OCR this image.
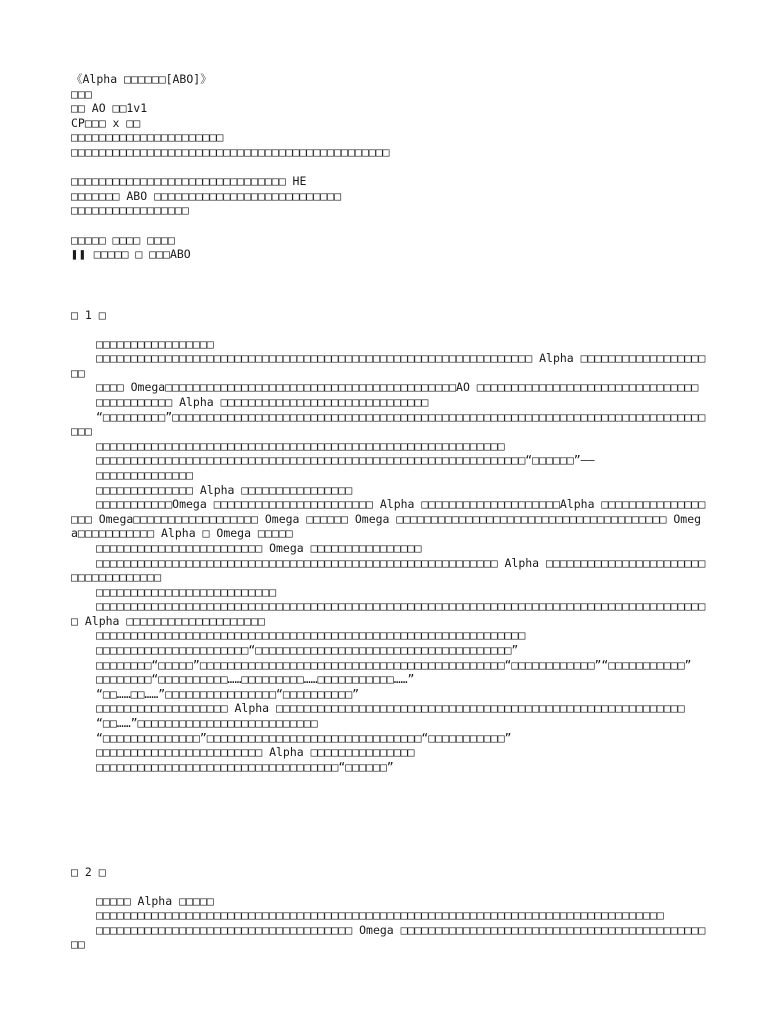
《Alpha □□□□□□[ABO]》
□□□
□□ AO □□1v1
CP□□□ x □□
□□□□□□□□□□□□□□□□□□□□□□
□□□□□□□□□□□□□□□□□□□□□□□□□□□□□□□□□□□□□□□□□□□□□□
□□□□□□□□□□□□□□□□□□□□□□□□□□□□□□□ HE
□□□□□□□ ABO □□□□□□□□□□□□□□□□□□□□□□□□□□□
□□□□□□□□□□□□□□□□□
□□□□□ □□□□ □□□□
❚❚ □□□□□ □ □□□ABO
□ 1 □
□□□□□□□□□□□□□□□□□
□□□□□□□□□□□□□□□□□□□□□□□□□□□□□□□□□□□□□□□□□□□□□□□□□□□□□□□□□□□□□□□ Alpha □□□□□□□□□□□□□□□□□□□□
□□□□ Omega□□□□□□□□□□□□□□□□□□□□□□□□□□□□□□□□□□□□□□□□□□AO □□□□□□□□□□□□□□□□□□□□□□□□□□□□□□□□
□□□□□□□□□□□ Alpha □□□□□□□□□□□□□□□□□□□□□□□□□□□□□□
“□□□□□□□□□”□□□□□□□□□□□□□□□□□□□□□□□□□□□□□□□□□□□□□□□□□□□□□□□□□□□□□□□□□□□□□□□□□□□□□□□□□□□□□□□□
□□□□□□□□□□□□□□□□□□□□□□□□□□□□□□□□□□□□□□□□□□□□□□□□□□□□□□□□□□□
□□□□□□□□□□□□□□□□□□□□□□□□□□□□□□□□□□□□□□□□□□□□□□□□□□□□□□□□□□□□□□“□□□□□□”——
□□□□□□□□□□□□□□
□□□□□□□□□□□□□□ Alpha □□□□□□□□□□□□□□□□
□□□□□□□□□□□Omega □□□□□□□□□□□□□□□□□□□□□□□ Alpha □□□□□□□□□□□□□□□□□□□□Alpha □□□□□□□□□□□□□□□□□□ Omega□□□□□□□□□□□□□□□□□□ Omega □□□□□□ Omega □□□□□□□□□□□□□□□□□□□□□□□□□□□□□□□□□□□□□□□ Omega□□□□□□□□□□□ Alpha □ Omega □□□□□
□□□□□□□□□□□□□□□□□□□□□□□□ Omega □□□□□□□□□□□□□□□□
□□□□□□□□□□□□□□□□□□□□□□□□□□□□□□□□□□□□□□□□□□□□□□□□□□□□□□□□□□ Alpha □□□□□□□□□□□□□□□□□□□□□□□□□□□□□□□□□□□□
□□□□□□□□□□□□□□□□□□□□□□□□□□
□□□□□□□□□□□□□□□□□□□□□□□□□□□□□□□□□□□□□□□□□□□□□□□□□□□□□□□□□□□□□□□□□□□□□□□□□□□□□□□□□□□□□□□□□ Alpha □□□□□□□□□□□□□□□□□□□□
□□□□□□□□□□□□□□□□□□□□□□□□□□□□□□□□□□□□□□□□□□□□□□□□□□□□□□□□□□□□□□
□□□□□□□□□□□□□□□□□□□□□□“□□□□□□□□□□□□□□□□□□□□□□□□□□□□□□□□□□□□□”
□□□□□□□□“□□□□□”□□□□□□□□□□□□□□□□□□□□□□□□□□□□□□□□□□□□□□□□□□□□“□□□□□□□□□□□□”“□□□□□□□□□□□”
□□□□□□□□“□□□□□□□□□□……□□□□□□□□□……□□□□□□□□□□□……”
“□□……□□……”□□□□□□□□□□□□□□□□“□□□□□□□□□□”
□□□□□□□□□□□□□□□□□□□ Alpha □□□□□□□□□□□□□□□□□□□□□□□□□□□□□□□□□□□□□□□□□□□□□□□□□□□□□□□□□□□
“□□……”□□□□□□□□□□□□□□□□□□□□□□□□□□
“□□□□□□□□□□□□□□”□□□□□□□□□□□□□□□□□□□□□□□□□□□□□□□“□□□□□□□□□□□”
□□□□□□□□□□□□□□□□□□□□□□□□ Alpha □□□□□□□□□□□□□□□
□□□□□□□□□□□□□□□□□□□□□□□□□□□□□□□□□□□“□□□□□□”
□ 2 □
□□□□□ Alpha □□□□□
□□□□□□□□□□□□□□□□□□□□□□□□□□□□□□□□□□□□□□□□□□□□□□□□□□□□□□□□□□□□□□□□□□□□□□□□□□□□□□□□□□
□□□□□□□□□□□□□□□□□□□□□□□□□□□□□□□□□□□□□ Omega □□□□□□□□□□□□□□□□□□□□□□□□□□□□□□□□□□□□□□□□□□□□□□
